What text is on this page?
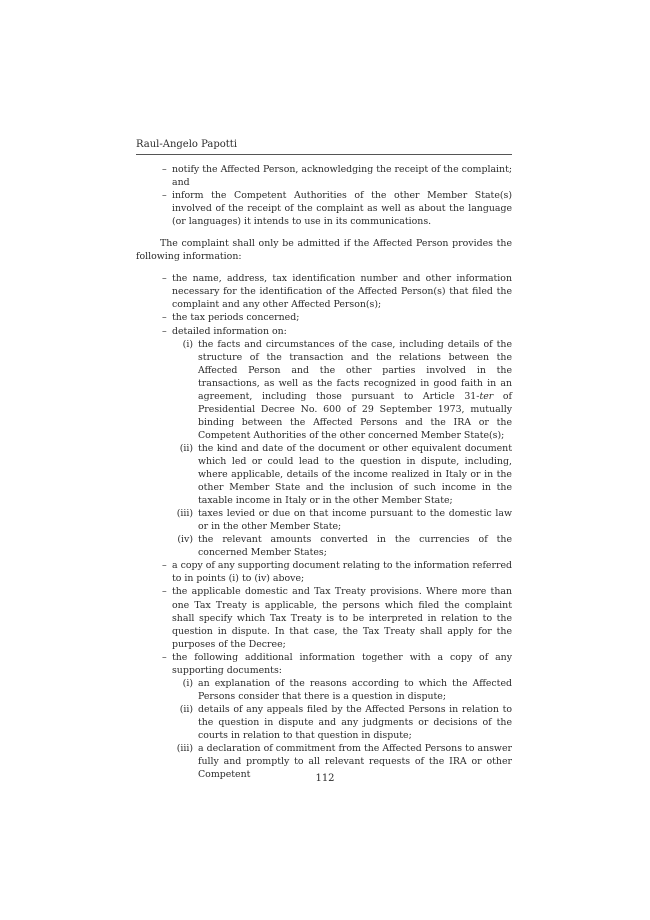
Raul-Angelo Papotti
– notify the Affected Person, acknowledging the receipt of the complaint; and
– inform the Competent Authorities of the other Member State(s) involved of the receipt of the complaint as well as about the language (or languages) it intends to use in its communications.

The complaint shall only be admitted if the Affected Person provides the following information:

– the name, address, tax identification number and other information necessary for the identification of the Affected Person(s) that filed the complaint and any other Affected Person(s);
– the tax periods concerned;
– detailed information on:
(i) the facts and circumstances of the case, including details of the structure of the transaction and the relations between the Affected Person and the other parties involved in the transactions, as well as the facts recognized in good faith in an agreement, including those pursuant to Article 31-ter of Presidential Decree No. 600 of 29 September 1973, mutually binding between the Affected Persons and the IRA or the Competent Authorities of the other concerned Member State(s);
(ii) the kind and date of the document or other equivalent document which led or could lead to the question in dispute, including, where applicable, details of the income realized in Italy or in the other Member State and the inclusion of such income in the taxable income in Italy or in the other Member State;
(iii) taxes levied or due on that income pursuant to the domestic law or in the other Member State;
(iv) the relevant amounts converted in the currencies of the concerned Member States;
– a copy of any supporting document relating to the information referred to in points (i) to (iv) above;
– the applicable domestic and Tax Treaty provisions. Where more than one Tax Treaty is applicable, the persons which filed the complaint shall specify which Tax Treaty is to be interpreted in relation to the question in dispute. In that case, the Tax Treaty shall apply for the purposes of the Decree;
– the following additional information together with a copy of any supporting documents:
(i) an explanation of the reasons according to which the Affected Persons consider that there is a question in dispute;
(ii) details of any appeals filed by the Affected Persons in relation to the question in dispute and any judgments or decisions of the courts in relation to that question in dispute;
(iii) a declaration of commitment from the Affected Persons to answer fully and promptly to all relevant requests of the IRA or other Competent	112
